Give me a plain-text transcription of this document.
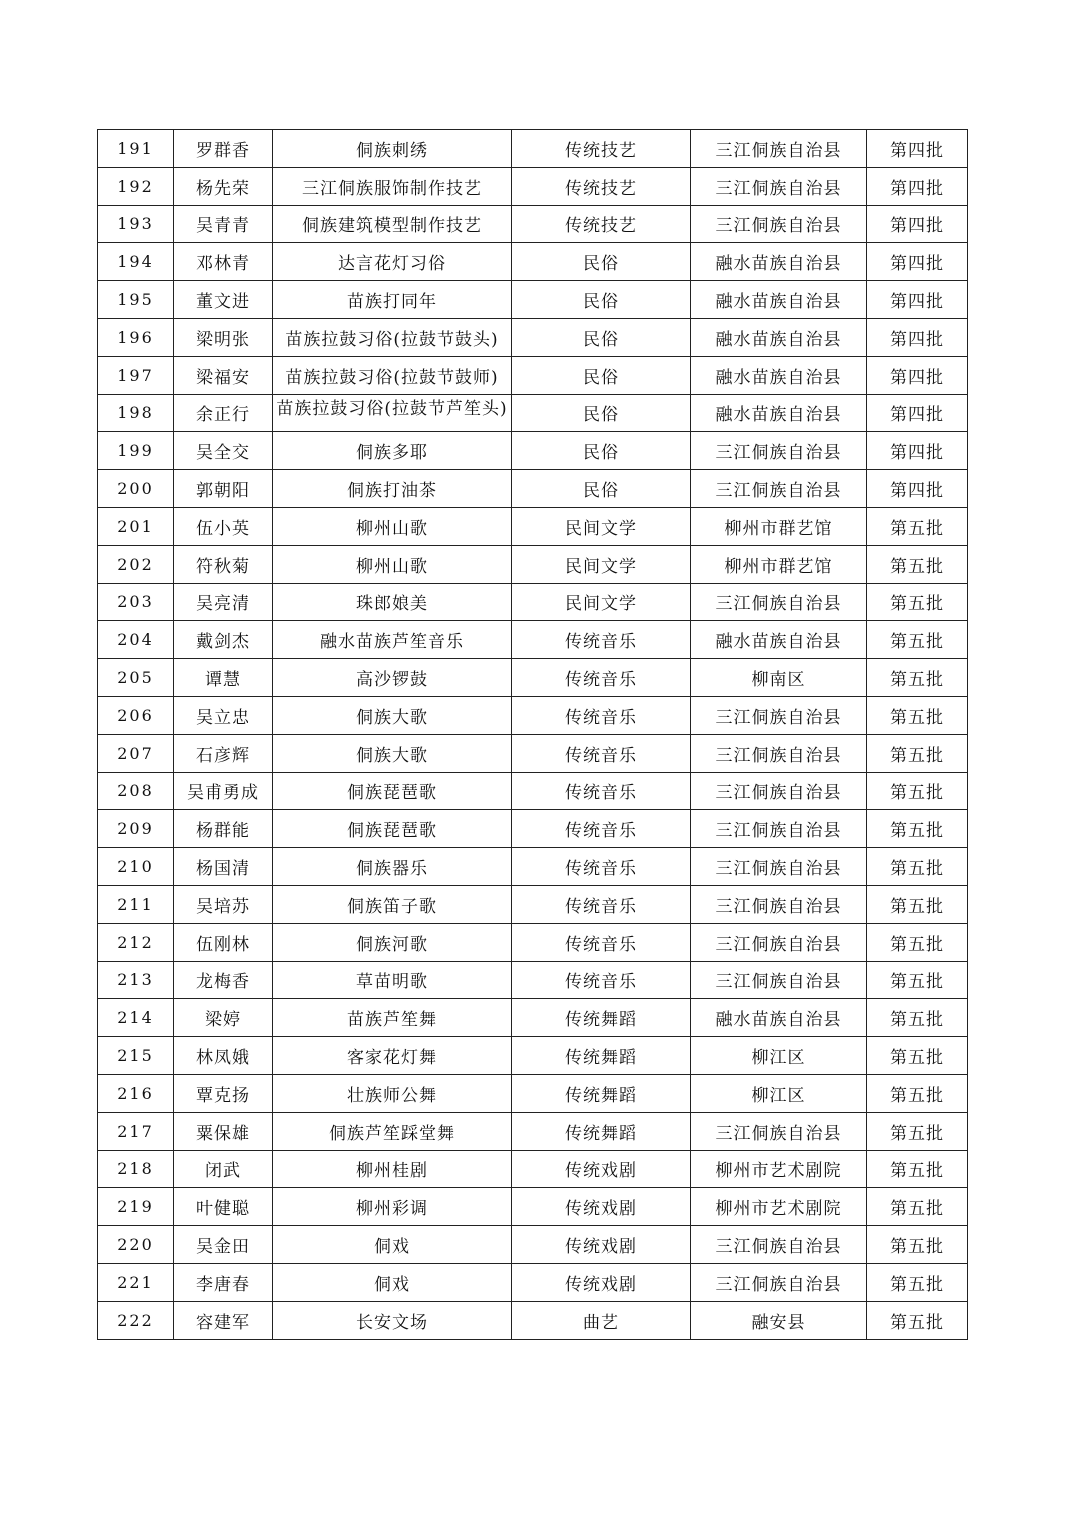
191	罗群香	侗族刺绣	传统技艺	三江侗族自治县	第四批
192	杨先荣	三江侗族服饰制作技艺	传统技艺	三江侗族自治县	第四批
193	吴青青	侗族建筑模型制作技艺	传统技艺	三江侗族自治县	第四批
194	邓林青	达言花灯习俗	民俗	融水苗族自治县	第四批
195	董文进	苗族打同年	民俗	融水苗族自治县	第四批
196	梁明张	苗族拉鼓习俗(拉鼓节鼓头)	民俗	融水苗族自治县	第四批
197	梁福安	苗族拉鼓习俗(拉鼓节鼓师)	民俗	融水苗族自治县	第四批
198	余正行	苗族拉鼓习俗(拉鼓节芦笙头)	民俗	融水苗族自治县	第四批
199	吴全交	侗族多耶	民俗	三江侗族自治县	第四批
200	郭朝阳	侗族打油茶	民俗	三江侗族自治县	第四批
201	伍小英	柳州山歌	民间文学	柳州市群艺馆	第五批
202	符秋菊	柳州山歌	民间文学	柳州市群艺馆	第五批
203	吴亮清	珠郎娘美	民间文学	三江侗族自治县	第五批
204	戴剑杰	融水苗族芦笙音乐	传统音乐	融水苗族自治县	第五批
205	谭慧	高沙锣鼓	传统音乐	柳南区	第五批
206	吴立忠	侗族大歌	传统音乐	三江侗族自治县	第五批
207	石彦辉	侗族大歌	传统音乐	三江侗族自治县	第五批
208	吴甫勇成	侗族琵琶歌	传统音乐	三江侗族自治县	第五批
209	杨群能	侗族琵琶歌	传统音乐	三江侗族自治县	第五批
210	杨国清	侗族器乐	传统音乐	三江侗族自治县	第五批
211	吴培苏	侗族笛子歌	传统音乐	三江侗族自治县	第五批
212	伍刚林	侗族河歌	传统音乐	三江侗族自治县	第五批
213	龙梅香	草苗明歌	传统音乐	三江侗族自治县	第五批
214	梁婷	苗族芦笙舞	传统舞蹈	融水苗族自治县	第五批
215	林凤娥	客家花灯舞	传统舞蹈	柳江区	第五批
216	覃克扬	壮族师公舞	传统舞蹈	柳江区	第五批
217	粟保雄	侗族芦笙踩堂舞	传统舞蹈	三江侗族自治县	第五批
218	闭武	柳州桂剧	传统戏剧	柳州市艺术剧院	第五批
219	叶健聪	柳州彩调	传统戏剧	柳州市艺术剧院	第五批
220	吴金田	侗戏	传统戏剧	三江侗族自治县	第五批
221	李唐春	侗戏	传统戏剧	三江侗族自治县	第五批
222	容建军	长安文场	曲艺	融安县	第五批
